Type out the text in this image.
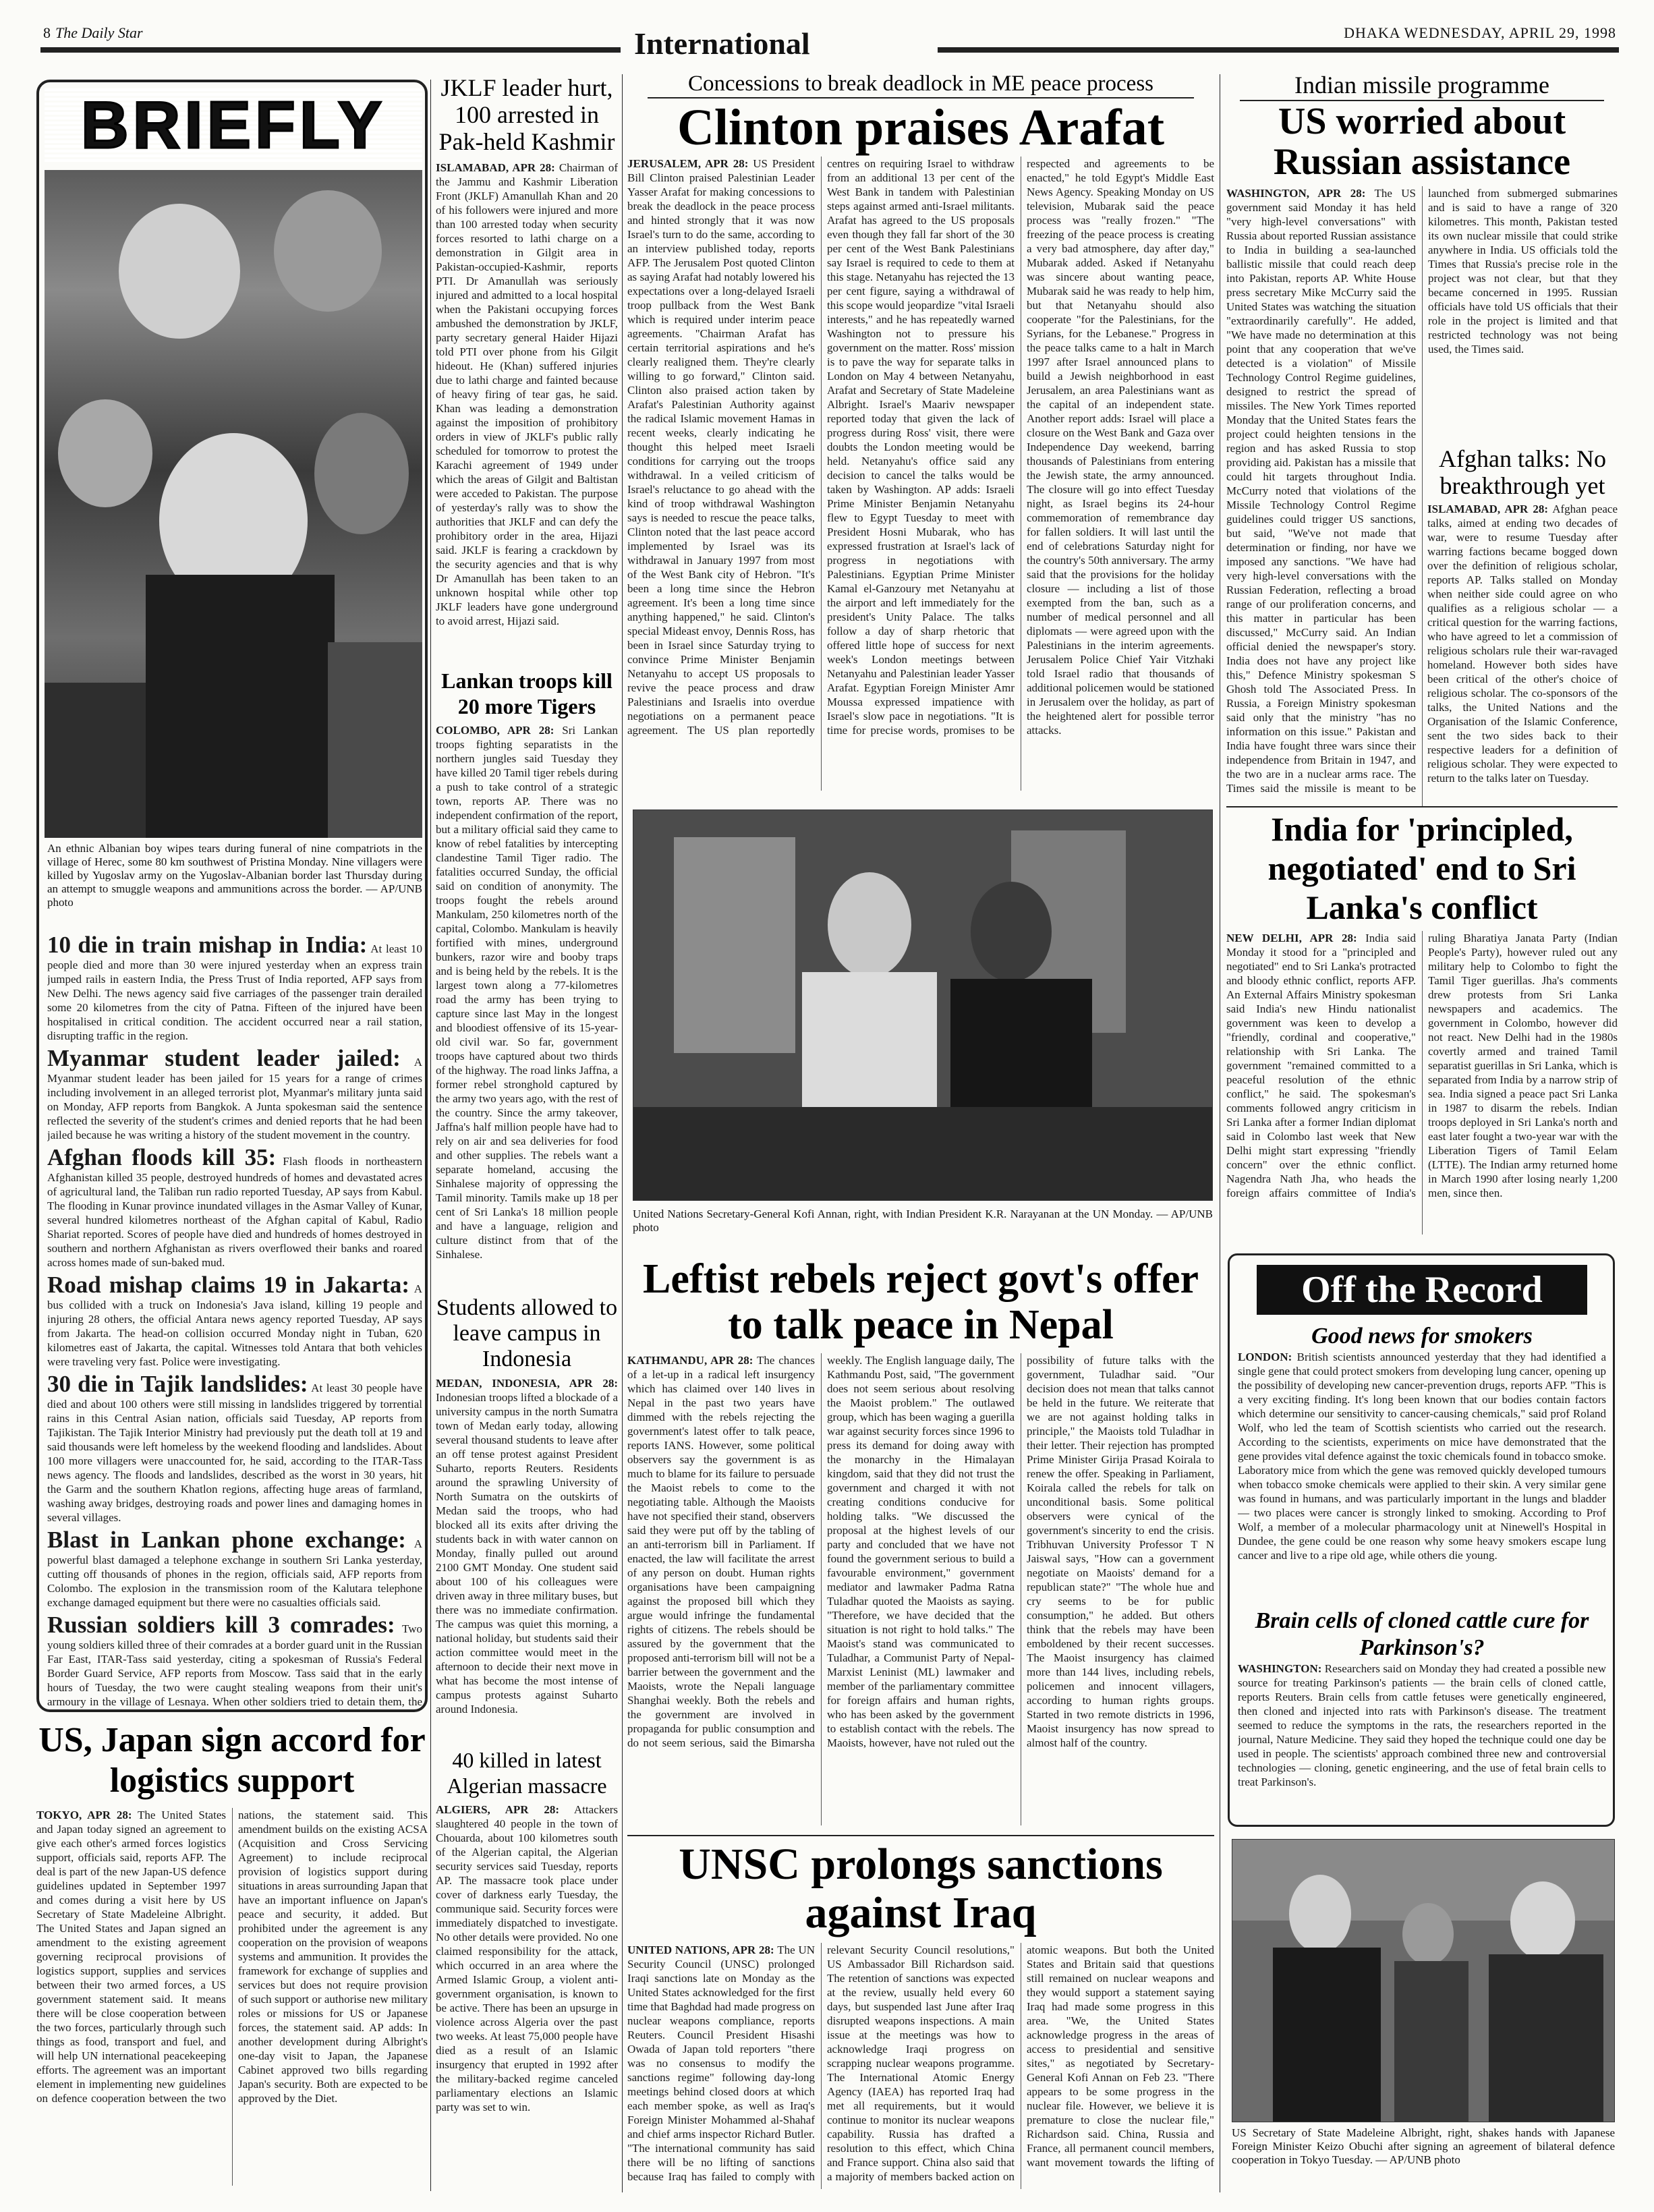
8 The Daily Star	International	DHAKA WEDNESDAY, APRIL 29, 1998
BRIEFLY
An ethnic Albanian boy wipes tears during funeral of nine compatriots in the village of Herec, some 80 km southwest of Pristina Monday. Nine villagers were killed by Yugoslav army on the Yugoslav-Albanian border last Thursday during an attempt to smuggle weapons and ammunitions across the border. — AP/UNB photo
10 die in train mishap in India: At least 10 people died and more than 30 were injured yesterday when an express train jumped rails in eastern India, the Press Trust of India reported, AFP says from New Delhi. The news agency said five carriages of the passenger train derailed some 20 kilometres from the city of Patna. Fifteen of the injured have been hospitalised in critical condition. The accident occurred near a rail station, disrupting traffic in the region.
Myanmar student leader jailed: A Myanmar student leader has been jailed for 15 years for a range of crimes including involvement in an alleged terrorist plot, Myanmar's military junta said on Monday, AFP reports from Bangkok. A Junta spokesman said the sentence reflected the severity of the student's crimes and denied reports that he had been jailed because he was writing a history of the student movement in the country.
Afghan floods kill 35: Flash floods in northeastern Afghanistan killed 35 people, destroyed hundreds of homes and devastated acres of agricultural land, the Taliban run radio reported Tuesday, AP says from Kabul. The flooding in Kunar province inundated villages in the Asmar Valley of Kunar, several hundred kilometres northeast of the Afghan capital of Kabul, Radio Shariat reported. Scores of people have died and hundreds of homes destroyed in southern and northern Afghanistan as rivers overflowed their banks and roared across homes made of sun-baked mud.
Road mishap claims 19 in Jakarta: A bus collided with a truck on Indonesia's Java island, killing 19 people and injuring 28 others, the official Antara news agency reported Tuesday, AP says from Jakarta. The head-on collision occurred Monday night in Tuban, 620 kilometres east of Jakarta, the capital. Witnesses told Antara that both vehicles were traveling very fast. Police were investigating.
30 die in Tajik landslides: At least 30 people have died and about 100 others were still missing in landslides triggered by torrential rains in this Central Asian nation, officials said Tuesday, AP reports from Tajikistan. The Tajik Interior Ministry had previously put the death toll at 19 and said thousands were left homeless by the weekend flooding and landslides. About 100 more villagers were unaccounted for, he said, according to the ITAR-Tass news agency. The floods and landslides, described as the worst in 30 years, hit the Garm and the southern Khatlon regions, affecting huge areas of farmland, washing away bridges, destroying roads and power lines and damaging homes in several villages.
Blast in Lankan phone exchange: A powerful blast damaged a telephone exchange in southern Sri Lanka yesterday, cutting off thousands of phones in the region, officials said, AFP reports from Colombo. The explosion in the transmission room of the Kalutara telephone exchange damaged equipment but there were no casualties officials said.
Russian soldiers kill 3 comrades: Two young soldiers killed three of their comrades at a border guard unit in the Russian Far East, ITAR-Tass said yesterday, citing a spokesman of Russia's Federal Border Guard Service, AFP reports from Moscow. Tass said that in the early hours of Tuesday, the two were caught stealing weapons from their unit's armoury in the village of Lesnaya. When other soldiers tried to detain them, the
US, Japan sign accord for logistics support
TOKYO, APR 28: The United States and Japan today signed an agreement to give each other's armed forces logistics support, officials said, reports AFP. The deal is part of the new Japan-US defence guidelines updated in September 1997 and comes during a visit here by US Secretary of State Madeleine Albright. The United States and Japan signed an amendment to the existing agreement governing reciprocal provisions of logistics support, supplies and services between their two armed forces, a US government statement said. It means there will be close cooperation between the two forces, particularly through such things as food, transport and fuel, and will help UN international peacekeeping efforts. The agreement was an important element in implementing new guidelines on defence cooperation between the two nations, the statement said. This amendment builds on the existing ACSA (Acquisition and Cross Servicing Agreement) to include reciprocal provision of logistics support during situations in areas surrounding Japan that have an important influence on Japan's peace and security, it added. But prohibited under the agreement is any cooperation on the provision of weapons systems and ammunition. It provides the framework for exchange of supplies and services but does not require provision of such support or authorise new military roles or missions for US or Japanese forces, the statement said. AP adds: In another development during Albright's one-day visit to Japan, the Japanese Cabinet approved two bills regarding Japan's security. Both are expected to be approved by the Diet.
JKLF leader hurt, 100 arrested in Pak-held Kashmir
ISLAMABAD, APR 28: Chairman of the Jammu and Kashmir Liberation Front (JKLF) Amanullah Khan and 20 of his followers were injured and more than 100 arrested today when security forces resorted to lathi charge on a demonstration in Gilgit area in Pakistan-occupied-Kashmir, reports PTI. Dr Amanullah was seriously injured and admitted to a local hospital when the Pakistani occupying forces ambushed the demonstration by JKLF, party secretary general Haider Hijazi told PTI over phone from his Gilgit hideout. He (Khan) suffered injuries due to lathi charge and fainted because of heavy firing of tear gas, he said. Khan was leading a demonstration against the imposition of prohibitory orders in view of JKLF's public rally scheduled for tomorrow to protest the Karachi agreement of 1949 under which the areas of Gilgit and Baltistan were acceded to Pakistan. The purpose of yesterday's rally was to show the authorities that JKLF and can defy the prohibitory order in the area, Hijazi said. JKLF is fearing a crackdown by the security agencies and that is why Dr Amanullah has been taken to an unknown hospital while other top JKLF leaders have gone underground to avoid arrest, Hijazi said.
Lankan troops kill 20 more Tigers
COLOMBO, APR 28: Sri Lankan troops fighting separatists in the northern jungles said Tuesday they have killed 20 Tamil tiger rebels during a push to take control of a strategic town, reports AP. There was no independent confirmation of the report, but a military official said they came to know of rebel fatalities by intercepting clandestine Tamil Tiger radio. The fatalities occurred Sunday, the official said on condition of anonymity. The troops fought the rebels around Mankulam, 250 kilometres north of the capital, Colombo. Mankulam is heavily fortified with mines, underground bunkers, razor wire and booby traps and is being held by the rebels. It is the largest town along a 77-kilometres road the army has been trying to capture since last May in the longest and bloodiest offensive of its 15-year-old civil war. So far, government troops have captured about two thirds of the highway. The road links Jaffna, a former rebel stronghold captured by the army two years ago, with the rest of the country. Since the army takeover, Jaffna's half million people have had to rely on air and sea deliveries for food and other supplies. The rebels want a separate homeland, accusing the Sinhalese majority of oppressing the Tamil minority. Tamils make up 18 per cent of Sri Lanka's 18 million people and have a language, religion and culture distinct from that of the Sinhalese.
Students allowed to leave campus in Indonesia
MEDAN, INDONESIA, APR 28: Indonesian troops lifted a blockade of a university campus in the north Sumatra town of Medan early today, allowing several thousand students to leave after an off tense protest against President Suharto, reports Reuters. Residents around the sprawling University of North Sumatra on the outskirts of Medan said the troops, who had blocked all its exits after driving the students back in with water cannon on Monday, finally pulled out around 2100 GMT Monday. One student said about 100 of his colleagues were driven away in three military buses, but there was no immediate confirmation. The campus was quiet this morning, a national holiday, but students said their action committee would meet in the afternoon to decide their next move in what has become the most intense of campus protests against Suharto around Indonesia.
40 killed in latest Algerian massacre
ALGIERS, APR 28: Attackers slaughtered 40 people in the town of Chouarda, about 100 kilometres south of the Algerian capital, the Algerian security services said Tuesday, reports AP. The massacre took place under cover of darkness early Tuesday, the communique said. Security forces were immediately dispatched to investigate. No other details were provided. No one claimed responsibility for the attack, which occurred in an area where the Armed Islamic Group, a violent anti-government organisation, is known to be active. There has been an upsurge in violence across Algeria over the past two weeks. At least 75,000 people have died as a result of an Islamic insurgency that erupted in 1992 after the military-backed regime canceled parliamentary elections an Islamic party was set to win.
Concessions to break deadlock in ME peace process
Clinton praises Arafat
JERUSALEM, APR 28: US President Bill Clinton praised Palestinian Leader Yasser Arafat for making concessions to break the deadlock in the peace process and hinted strongly that it was now Israel's turn to do the same, according to an interview published today, reports AFP. The Jerusalem Post quoted Clinton as saying Arafat had notably lowered his expectations over a long-delayed Israeli troop pullback from the West Bank which is required under interim peace agreements. "Chairman Arafat has certain territorial aspirations and he's clearly realigned them. They're clearly willing to go forward," Clinton said. Clinton also praised action taken by Arafat's Palestinian Authority against the radical Islamic movement Hamas in recent weeks, clearly indicating he thought this helped meet Israeli conditions for carrying out the troops withdrawal. In a veiled criticism of Israel's reluctance to go ahead with the kind of troop withdrawal Washington says is needed to rescue the peace talks, Clinton noted that the last peace accord implemented by Israel was its withdrawal in January 1997 from most of the West Bank city of Hebron. "It's been a long time since the Hebron agreement. It's been a long time since anything happened," he said. Clinton's special Mideast envoy, Dennis Ross, has been in Israel since Saturday trying to convince Prime Minister Benjamin Netanyahu to accept US proposals to revive the peace process and draw Palestinians and Israelis into overdue negotiations on a permanent peace agreement. The US plan reportedly centres on requiring Israel to withdraw from an additional 13 per cent of the West Bank in tandem with Palestinian steps against armed anti-Israel militants. Arafat has agreed to the US proposals even though they fall far short of the 30 per cent of the West Bank Palestinians say Israel is required to cede to them at this stage. Netanyahu has rejected the 13 per cent figure, saying a withdrawal of this scope would jeopardize "vital Israeli interests," and he has repeatedly warned Washington not to pressure his government on the matter. Ross' mission is to pave the way for separate talks in London on May 4 between Netanyahu, Arafat and Secretary of State Madeleine Albright. Israel's Maariv newspaper reported today that given the lack of progress during Ross' visit, there were doubts the London meeting would be held. Netanyahu's office said any decision to cancel the talks would be taken by Washington. AP adds: Israeli Prime Minister Benjamin Netanyahu flew to Egypt Tuesday to meet with President Hosni Mubarak, who has expressed frustration at Israel's lack of progress in negotiations with Palestinians. Egyptian Prime Minister Kamal el-Ganzoury met Netanyahu at the airport and left immediately for the president's Unity Palace. The talks follow a day of sharp rhetoric that offered little hope of success for next week's London meetings between Netanyahu and Palestinian leader Yasser Arafat. Egyptian Foreign Minister Amr Moussa expressed impatience with Israel's slow pace in negotiations. "It is time for precise words, promises to be respected and agreements to be enacted," he told Egypt's Middle East News Agency. Speaking Monday on US television, Mubarak said the peace process was "really frozen." "The freezing of the peace process is creating a very bad atmosphere, day after day," Mubarak added. Asked if Netanyahu was sincere about wanting peace, Mubarak said he was ready to help him, but that Netanyahu should also cooperate "for the Palestinians, for the Syrians, for the Lebanese." Progress in the peace talks came to a halt in March 1997 after Israel announced plans to build a Jewish neighborhood in east Jerusalem, an area Palestinians want as the capital of an independent state. Another report adds: Israel will place a closure on the West Bank and Gaza over Independence Day weekend, barring thousands of Palestinians from entering the Jewish state, the army announced. The closure will go into effect Tuesday night, as Israel begins its 24-hour commemoration of remembrance day for fallen soldiers. It will last until the end of celebrations Saturday night for the country's 50th anniversary. The army said that the provisions for the holiday closure — including a list of those exempted from the ban, such as a number of medical personnel and all diplomats — were agreed upon with the Palestinians in the interim agreements. Jerusalem Police Chief Yair Vitzhaki told Israel radio that thousands of additional policemen would be stationed in Jerusalem over the holiday, as part of the heightened alert for possible terror attacks.
United Nations Secretary-General Kofi Annan, right, with Indian President K.R. Narayanan at the UN Monday. — AP/UNB photo
Leftist rebels reject govt's offer to talk peace in Nepal
KATHMANDU, APR 28: The chances of a let-up in a radical left insurgency which has claimed over 140 lives in Nepal in the past two years have dimmed with the rebels rejecting the government's latest offer to talk peace, reports IANS. However, some political observers say the government is as much to blame for its failure to persuade the Maoist rebels to come to the negotiating table. Although the Maoists have not specified their stand, observers said they were put off by the tabling of an anti-terrorism bill in Parliament. If enacted, the law will facilitate the arrest of any person on doubt. Human rights organisations have been campaigning against the proposed bill which they argue would infringe the fundamental rights of citizens. The rebels should be assured by the government that the proposed anti-terrorism bill will not be a barrier between the government and the Maoists, wrote the Nepali language Shanghai weekly. Both the rebels and the government are involved in propaganda for public consumption and do not seem serious, said the Bimarsha weekly. The English language daily, The Kathmandu Post, said, "The government does not seem serious about resolving the Maoist problem." The outlawed group, which has been waging a guerilla war against security forces since 1996 to press its demand for doing away with the monarchy in the Himalayan kingdom, said that they did not trust the government and charged it with not creating conditions conducive for holding talks. "We discussed the proposal at the highest levels of our party and concluded that we have not found the government serious to build a favourable environment," government mediator and lawmaker Padma Ratna Tuladhar quoted the Maoists as saying. "Therefore, we have decided that the situation is not right to hold talks." The Maoist's stand was communicated to Tuladhar, a Communist Party of Nepal-Marxist Leninist (ML) lawmaker and member of the parliamentary committee for foreign affairs and human rights, who has been asked by the government to establish contact with the rebels. The Maoists, however, have not ruled out the possibility of future talks with the government, Tuladhar said. "Our decision does not mean that talks cannot be held in the future. We reiterate that we are not against holding talks in principle," the Maoists told Tuladhar in their letter. Their rejection has prompted Prime Minister Girija Prasad Koirala to renew the offer. Speaking in Parliament, Koirala called the rebels for talk on unconditional basis. Some political observers were cynical of the government's sincerity to end the crisis. Tribhuvan University Professor T N Jaiswal says, "How can a government negotiate on Maoists' demand for a republican state?" "The whole hue and cry seems to be for public consumption," he added. But others think that the rebels may have been emboldened by their recent successes. The Maoist insurgency has claimed more than 144 lives, including rebels, policemen and innocent villagers, according to human rights groups. Started in two remote districts in 1996, Maoist insurgency has now spread to almost half of the country.
UNSC prolongs sanctions against Iraq
UNITED NATIONS, APR 28: The UN Security Council (UNSC) prolonged Iraqi sanctions late on Monday as the United States acknowledged for the first time that Baghdad had made progress on nuclear weapons compliance, reports Reuters. Council President Hisashi Owada of Japan told reporters "there was no consensus to modify the sanctions regime" following day-long meetings behind closed doors at which each member spoke, as well as Iraq's Foreign Minister Mohammed al-Shahaf and chief arms inspector Richard Butler. "The international community has said there will be no lifting of sanctions because Iraq has failed to comply with relevant Security Council resolutions," US Ambassador Bill Richardson said. The retention of sanctions was expected at the review, usually held every 60 days, but suspended last June after Iraq disrupted weapons inspections. A main issue at the meetings was how to acknowledge Iraqi progress on scrapping nuclear weapons programme. The International Atomic Energy Agency (IAEA) has reported Iraq had met all requirements, but it would continue to monitor its nuclear weapons capability. Russia has drafted a resolution to this effect, which China and France support. China also said that a majority of members backed action on atomic weapons. But both the United States and Britain said that questions still remained on nuclear weapons and they would support a statement saying Iraq had made some progress in this area. "We, the United States acknowledge progress in the areas of access to presidential and sensitive sites," as negotiated by Secretary-General Kofi Annan on Feb 23. "There appears to be some progress in the nuclear file. However, we believe it is premature to close the nuclear file," Richardson said. China, Russia and France, all permanent council members, want movement towards the lifting of
Indian missile programme
US worried about Russian assistance
WASHINGTON, APR 28: The US government said Monday it has held "very high-level conversations" with Russia about reported Russian assistance to India in building a sea-launched ballistic missile that could reach deep into Pakistan, reports AP. White House press secretary Mike McCurry said the United States was watching the situation "extraordinarily carefully". He added, "We have made no determination at this point that any cooperation that we've detected is a violation" of Missile Technology Control Regime guidelines, designed to restrict the spread of missiles. The New York Times reported Monday that the United States fears the project could heighten tensions in the region and has asked Russia to stop providing aid. Pakistan has a missile that could hit targets throughout India. McCurry noted that violations of the Missile Technology Control Regime guidelines could trigger US sanctions, but said, "We've not made that determination or finding, nor have we imposed any sanctions. "We have had very high-level conversations with the Russian Federation, reflecting a broad range of our proliferation concerns, and this matter in particular has been discussed," McCurry said. An Indian official denied the newspaper's story. India does not have any project like this," Defence Ministry spokesman S Ghosh told The Associated Press. In Russia, a Foreign Ministry spokesman said only that the ministry "has no information on this issue." Pakistan and India have fought three wars since their independence from Britain in 1947, and the two are in a nuclear arms race. The Times said the missile is meant to be launched from submerged submarines and is said to have a range of 320 kilometres. This month, Pakistan tested its own nuclear missile that could strike anywhere in India. US officials told the Times that Russia's precise role in the project was not clear, but that they became concerned in 1995. Russian officials have told US officials that their role in the project is limited and that restricted technology was not being used, the Times said.
Afghan talks: No breakthrough yet
ISLAMABAD, APR 28: Afghan peace talks, aimed at ending two decades of war, were to resume Tuesday after warring factions became bogged down over the definition of religious scholar, reports AP. Talks stalled on Monday when neither side could agree on who qualifies as a religious scholar — a critical question for the warring factions, who have agreed to let a commission of religious scholars rule their war-ravaged homeland. However both sides have been critical of the other's choice of religious scholar. The co-sponsors of the talks, the United Nations and the Organisation of the Islamic Conference, sent the two sides back to their respective leaders for a definition of religious scholar. They were expected to return to the talks later on Tuesday.
India for 'principled, negotiated' end to Sri Lanka's conflict
NEW DELHI, APR 28: India said Monday it stood for a "principled and negotiated" end to Sri Lanka's protracted and bloody ethnic conflict, reports AFP. An External Affairs Ministry spokesman said India's new Hindu nationalist government was keen to develop a "friendly, cordinal and cooperative," relationship with Sri Lanka. The government "remained committed to a peaceful resolution of the ethnic conflict," he said. The spokesman's comments followed angry criticism in Sri Lanka after a former Indian diplomat said in Colombo last week that New Delhi might start expressing "friendly concern" over the ethnic conflict. Nagendra Nath Jha, who heads the foreign affairs committee of India's ruling Bharatiya Janata Party (Indian People's Party), however ruled out any military help to Colombo to fight the Tamil Tiger guerillas. Jha's comments drew protests from Sri Lanka newspapers and academics. The government in Colombo, however did not react. New Delhi had in the 1980s covertly armed and trained Tamil separatist guerillas in Sri Lanka, which is separated from India by a narrow strip of sea. India signed a peace pact Sri Lanka in 1987 to disarm the rebels. Indian troops deployed in Sri Lanka's north and east later fought a two-year war with the Liberation Tigers of Tamil Eelam (LTTE). The Indian army returned home in March 1990 after losing nearly 1,200 men, since then.
Off the Record
Good news for smokers
LONDON: British scientists announced yesterday that they had identified a single gene that could protect smokers from developing lung cancer, opening up the possibility of developing new cancer-prevention drugs, reports AFP. "This is a very exciting finding. It's long been known that our bodies contain factors which determine our sensitivity to cancer-causing chemicals," said prof Roland Wolf, who led the team of Scottish scientists who carried out the research. According to the scientists, experiments on mice have demonstrated that the gene provides vital defence against the toxic chemicals found in tobacco smoke. Laboratory mice from which the gene was removed quickly developed tumours when tobacco smoke chemicals were applied to their skin. A very similar gene was found in humans, and was particularly important in the lungs and bladder — two places were cancer is strongly linked to smoking. According to Prof Wolf, a member of a molecular pharmacology unit at Ninewell's Hospital in Dundee, the gene could be one reason why some heavy smokers escape lung cancer and live to a ripe old age, while others die young.
Brain cells of cloned cattle cure for Parkinson's?
WASHINGTON: Researchers said on Monday they had created a possible new source for treating Parkinson's patients — the brain cells of cloned cattle, reports Reuters. Brain cells from cattle fetuses were genetically engineered, then cloned and injected into rats with Parkinson's disease. The treatment seemed to reduce the symptoms in the rats, the researchers reported in the journal, Nature Medicine. They said they hoped the technique could one day be used in people. The scientists' approach combined three new and controversial technologies — cloning, genetic engineering, and the use of fetal brain cells to treat Parkinson's.
US Secretary of State Madeleine Albright, right, shakes hands with Japanese Foreign Minister Keizo Obuchi after signing an agreement of bilateral defence cooperation in Tokyo Tuesday. — AP/UNB photo
